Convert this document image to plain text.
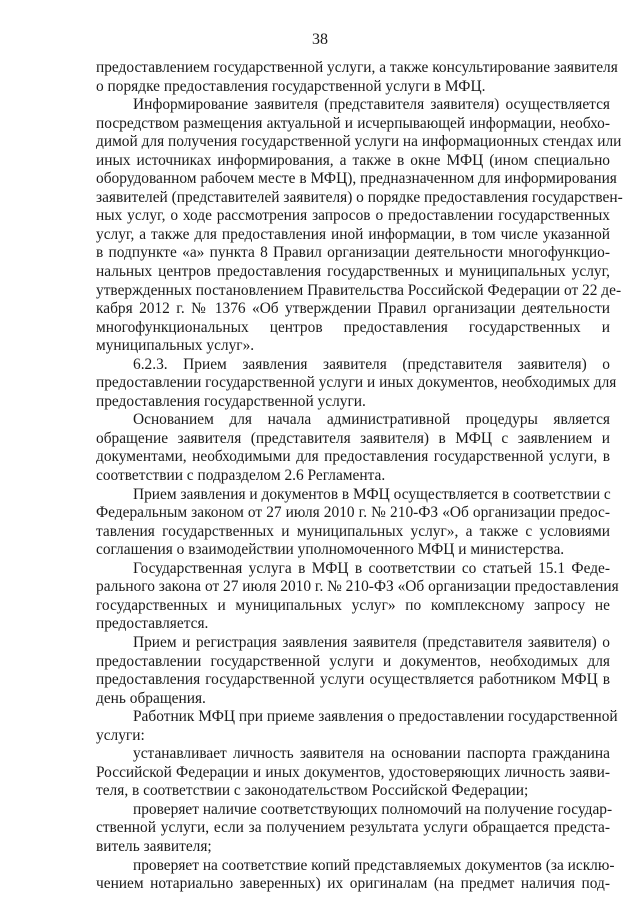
38
предоставлением государственной услуги, а также консультирование заявителя
о порядке предоставления государственной услуги в МФЦ.
Информирование заявителя (представителя заявителя) осуществляется
посредством размещения актуальной и исчерпывающей информации, необхо-
димой для получения государственной услуги на информационных стендах или
иных источниках информирования, а также в окне МФЦ (ином специально
оборудованном рабочем месте в МФЦ), предназначенном для информирования
заявителей (представителей заявителя) о порядке предоставления государствен-
ных услуг, о ходе рассмотрения запросов о предоставлении государственных
услуг, а также для предоставления иной информации, в том числе указанной
в подпункте «а» пункта 8 Правил организации деятельности многофункцио-
нальных центров предоставления государственных и муниципальных услуг,
утвержденных постановлением Правительства Российской Федерации от 22 де-
кабря 2012 г. № 1376 «Об утверждении Правил организации деятельности
многофункциональных центров предоставления государственных и
муниципальных услуг».
6.2.3. Прием заявления заявителя (представителя заявителя) о
предоставлении государственной услуги и иных документов, необходимых для
предоставления государственной услуги.
Основанием для начала административной процедуры является
обращение заявителя (представителя заявителя) в МФЦ с заявлением и
документами, необходимыми для предоставления государственной услуги, в
соответствии с подразделом 2.6 Регламента.
Прием заявления и документов в МФЦ осуществляется в соответствии с
Федеральным законом от 27 июля 2010 г. № 210-ФЗ «Об организации предос-
тавления государственных и муниципальных услуг», а также с условиями
соглашения о взаимодействии уполномоченного МФЦ и министерства.
Государственная услуга в МФЦ в соответствии со статьей 15.1 Феде-
рального закона от 27 июля 2010 г. № 210-ФЗ «Об организации предоставления
государственных и муниципальных услуг» по комплексному запросу не
предоставляется.
Прием и регистрация заявления заявителя (представителя заявителя) о
предоставлении государственной услуги и документов, необходимых для
предоставления государственной услуги осуществляется работником МФЦ в
день обращения.
Работник МФЦ при приеме заявления о предоставлении государственной
услуги:
устанавливает личность заявителя на основании паспорта гражданина
Российской Федерации и иных документов, удостоверяющих личность заяви-
теля, в соответствии с законодательством Российской Федерации;
проверяет наличие соответствующих полномочий на получение государ-
ственной услуги, если за получением результата услуги обращается предста-
витель заявителя;
проверяет на соответствие копий представляемых документов (за исклю-
чением нотариально заверенных) их оригиналам (на предмет наличия под-
